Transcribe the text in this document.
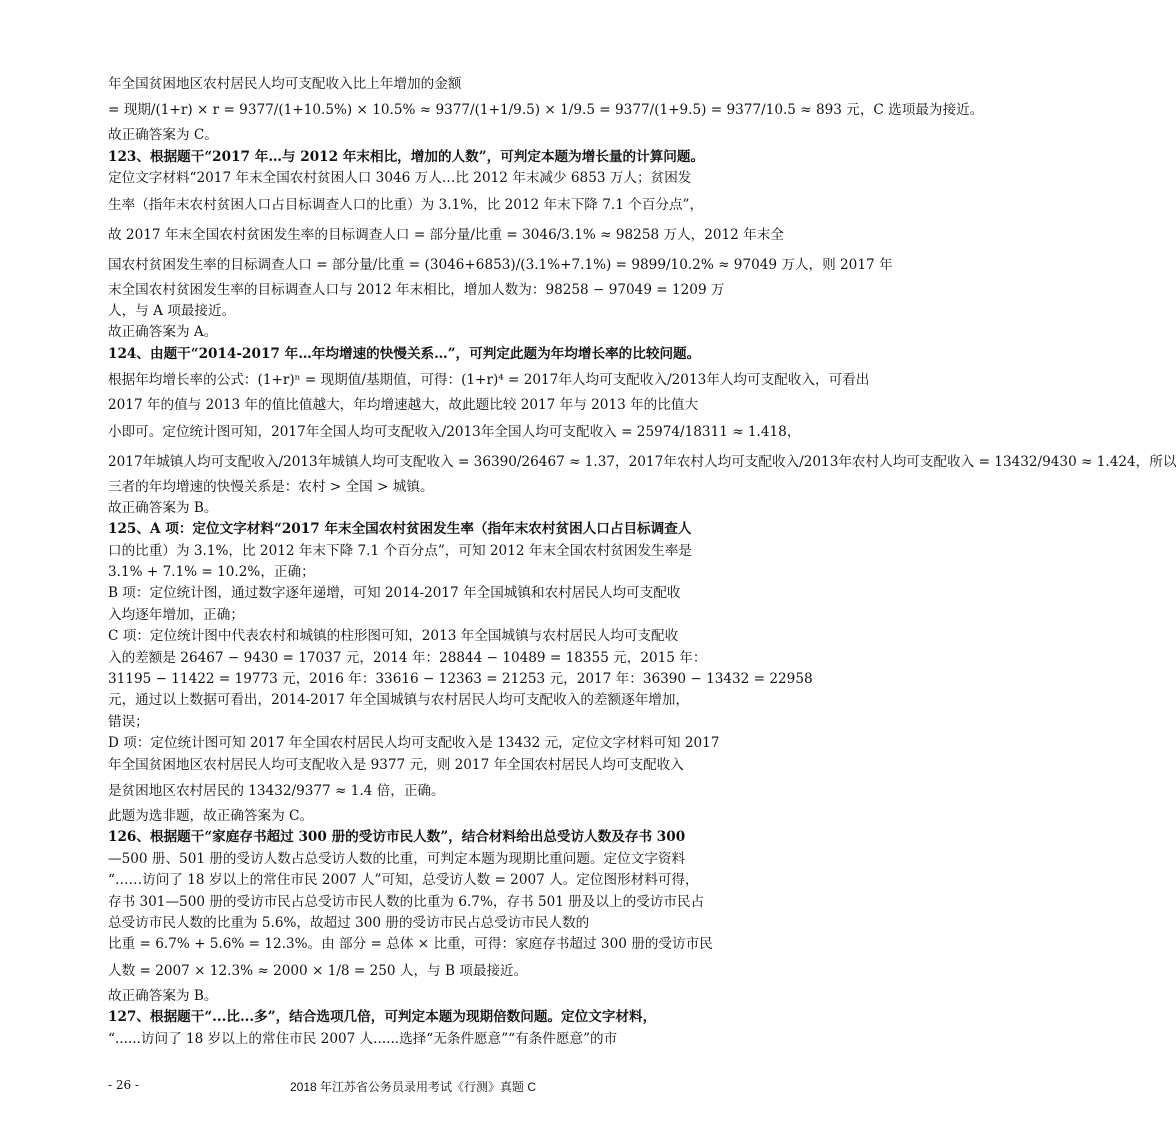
年全国贫困地区农村居民人均可支配收入比上年增加的金额
= 现期/(1+r) × r = 9377/(1+10.5%) × 10.5% ≈ 9377/(1+1/9.5) × 1/9.5 = 9377/(1+9.5) = 9377/10.5 ≈ 893 元，C 选项最为接近。
故正确答案为 C。
123、根据题干“2017 年…与 2012 年末相比，增加的人数”，可判定本题为增长量的计算问题。
定位文字材料“2017 年末全国农村贫困人口 3046 万人…比 2012 年末减少 6853 万人；贫困发
生率（指年末农村贫困人口占目标调查人口的比重）为 3.1%，比 2012 年末下降 7.1 个百分点”，
故 2017 年末全国农村贫困发生率的目标调查人口 = 部分量/比重 = 3046/3.1% ≈ 98258 万人，2012 年末全
国农村贫困发生率的目标调查人口 = 部分量/比重 = (3046+6853)/(3.1%+7.1%) = 9899/10.2% ≈ 97049 万人，则 2017 年
末全国农村贫困发生率的目标调查人口与 2012 年末相比，增加人数为：98258 − 97049 = 1209 万
人，与 A 项最接近。
故正确答案为 A。
124、由题干“2014-2017 年…年均增速的快慢关系…”，可判定此题为年均增长率的比较问题。
根据年均增长率的公式：(1+r)ⁿ = 现期值/基期值，可得：(1+r)⁴ = 2017年人均可支配收入/2013年人均可支配收入，可看出
2017 年的值与 2013 年的值比值越大，年均增速越大，故此题比较 2017 年与 2013 年的比值大
小即可。定位统计图可知，2017年全国人均可支配收入/2013年全国人均可支配收入 = 25974/18311 ≈ 1.418，
2017年城镇人均可支配收入/2013年城镇人均可支配收入 = 36390/26467 ≈ 1.37，2017年农村人均可支配收入/2013年农村人均可支配收入 = 13432/9430 ≈ 1.424，所以
三者的年均增速的快慢关系是：农村 > 全国 > 城镇。
故正确答案为 B。
125、A 项：定位文字材料“2017 年末全国农村贫困发生率（指年末农村贫困人口占目标调查人
口的比重）为 3.1%，比 2012 年末下降 7.1 个百分点”，可知 2012 年末全国农村贫困发生率是
3.1% + 7.1% = 10.2%，正确；
B 项：定位统计图，通过数字逐年递增，可知 2014-2017 年全国城镇和农村居民人均可支配收
入均逐年增加，正确；
C 项：定位统计图中代表农村和城镇的柱形图可知，2013 年全国城镇与农村居民人均可支配收
入的差额是 26467 − 9430 = 17037 元，2014 年：28844 − 10489 = 18355 元，2015 年：
31195 − 11422 = 19773 元，2016 年：33616 − 12363 = 21253 元，2017 年：36390 − 13432 = 22958
元，通过以上数据可看出，2014-2017 年全国城镇与农村居民人均可支配收入的差额逐年增加，
错误；
D 项：定位统计图可知 2017 年全国农村居民人均可支配收入是 13432 元，定位文字材料可知 2017
年全国贫困地区农村居民人均可支配收入是 9377 元，则 2017 年全国农村居民人均可支配收入
是贫困地区农村居民的 13432/9377 ≈ 1.4 倍，正确。
此题为选非题，故正确答案为 C。
126、根据题干“家庭存书超过 300 册的受访市民人数”，结合材料给出总受访人数及存书 300
—500 册、501 册的受访人数占总受访人数的比重，可判定本题为现期比重问题。定位文字资料
“……访问了 18 岁以上的常住市民 2007 人”可知，总受访人数 = 2007 人。定位图形材料可得，
存书 301—500 册的受访市民占总受访市民人数的比重为 6.7%，存书 501 册及以上的受访市民占
总受访市民人数的比重为 5.6%，故超过 300 册的受访市民占总受访市民人数的
比重 = 6.7% + 5.6% = 12.3%。由 部分 = 总体 × 比重，可得：家庭存书超过 300 册的受访市民
人数 = 2007 × 12.3% ≈ 2000 × 1/8 = 250 人，与 B 项最接近。
故正确答案为 B。
127、根据题干“...比...多”，结合选项几倍，可判定本题为现期倍数问题。定位文字材料，
“......访问了 18 岁以上的常住市民 2007 人......选择“无条件愿意”“有条件愿意”的市
- 26 -	2018 年江苏省公务员录用考试《行测》真题 C
